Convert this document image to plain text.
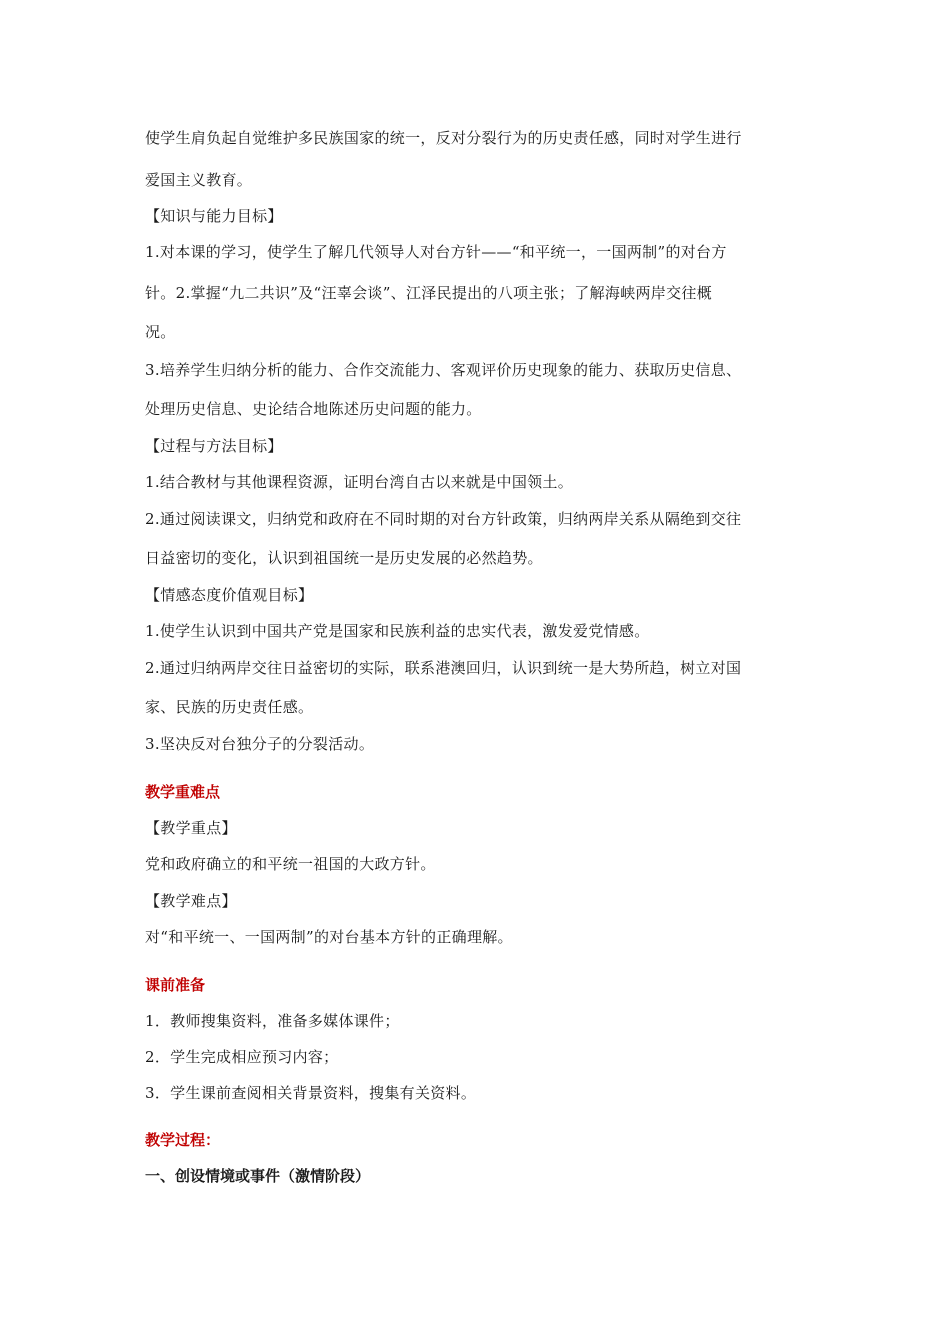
使学生肩负起自觉维护多民族国家的统一，反对分裂行为的历史责任感，同时对学生进行
爱国主义教育。
【知识与能力目标】
1.对本课的学习，使学生了解几代领导人对台方针——“和平统一，一国两制”的对台方
针。2.掌握“九二共识”及“汪辜会谈”、江泽民提出的八项主张；了解海峡两岸交往概
况。
3.培养学生归纳分析的能力、合作交流能力、客观评价历史现象的能力、获取历史信息、
处理历史信息、史论结合地陈述历史问题的能力。
【过程与方法目标】
1.结合教材与其他课程资源，证明台湾自古以来就是中国领土。
2.通过阅读课文，归纳党和政府在不同时期的对台方针政策，归纳两岸关系从隔绝到交往
日益密切的变化，认识到祖国统一是历史发展的必然趋势。
【情感态度价值观目标】
1.使学生认识到中国共产党是国家和民族利益的忠实代表，激发爱党情感。
2.通过归纳两岸交往日益密切的实际，联系港澳回归，认识到统一是大势所趋，树立对国
家、民族的历史责任感。
3.坚决反对台独分子的分裂活动。
教学重难点
【教学重点】
党和政府确立的和平统一祖国的大政方针。
【教学难点】
对“和平统一、一国两制”的对台基本方针的正确理解。
课前准备
1．教师搜集资料，准备多媒体课件；
2．学生完成相应预习内容；
3．学生课前查阅相关背景资料，搜集有关资料。
教学过程：
一、创设情境或事件（激情阶段）
